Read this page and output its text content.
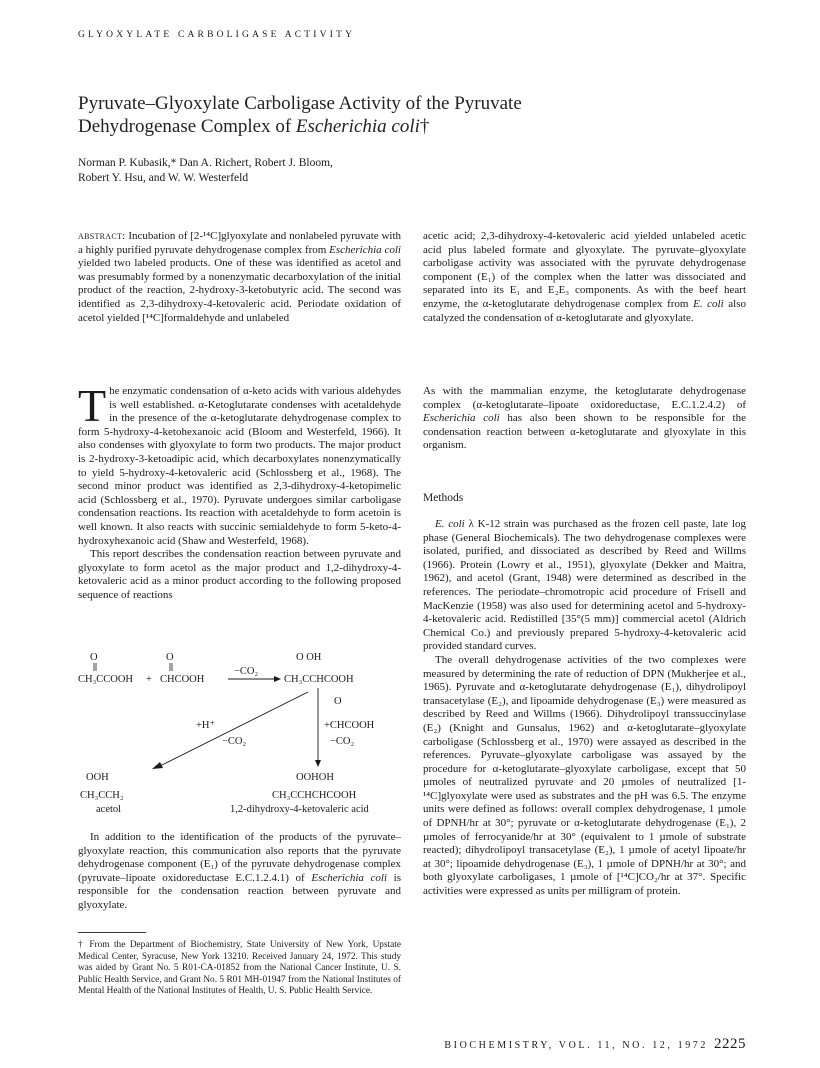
GLYOXYLATE CARBOLIGASE ACTIVITY
Pyruvate–Glyoxylate Carboligase Activity of the Pyruvate
Dehydrogenase Complex of Escherichia coli†
Norman P. Kubasik,* Dan A. Richert, Robert J. Bloom,
Robert Y. Hsu, and W. W. Westerfeld

abstract: Incubation of [2-¹⁴C]glyoxylate and nonlabeled pyruvate with a highly purified pyruvate dehydrogenase complex from Escherichia coli yielded two labeled products. One of these was identified as acetol and was presumably formed by a nonenzymatic decarboxylation of the initial product of the reaction, 2-hydroxy-3-ketobutyric acid. The second was identified as 2,3-dihydroxy-4-ketovaleric acid. Periodate oxidation of acetol yielded [¹⁴C]formaldehyde and unlabeled

acetic acid; 2,3-dihydroxy-4-ketovaleric acid yielded unlabeled acetic acid plus labeled formate and glyoxylate. The pyruvate–glyoxylate carboligase activity was associated with the pyruvate dehydrogenase component (E₁) of the complex when the latter was dissociated and separated into its E₁ and E₂E₃ components. As with the beef heart enzyme, the α-ketoglutarate dehydrogenase complex from E. coli also catalyzed the condensation of α-ketoglutarate and glyoxylate.

The enzymatic condensation of α-keto acids with various aldehydes is well established. α-Ketoglutarate condenses with acetaldehyde in the presence of the α-ketoglutarate dehydrogenase complex to form 5-hydroxy-4-ketohexanoic acid (Bloom and Westerfeld, 1966). It also condenses with glyoxylate to form two products. The major product is 2-hydroxy-3-ketoadipic acid, which decarboxylates nonenzymatically to yield 5-hydroxy-4-ketovaleric acid (Schlossberg et al., 1968). The second minor product was identified as 2,3-dihydroxy-4-ketopimelic acid (Schlossberg et al., 1970). Pyruvate undergoes similar carboligase condensation reactions. Its reaction with acetaldehyde to form acetoin is well known. It also reacts with succinic semialdehyde to form 5-keto-4-hydroxyhexanoic acid (Shaw and Westerfeld, 1968).

This report describes the condensation reaction between pyruvate and glyoxylate to form acetol as the major product and 1,2-dihydroxy-4-ketovaleric acid as a minor product according to the following proposed sequence of reactions

O
CH₃CCOOH +
O
CHCOOH
−CO₂
O OH
CH₃CCHCOOH
O
+CHCOOH
−CO₂
+H⁺
−CO₂
OOH
CH₃CCH₂
acetol
OOHOH
CH₃CCHCHCOOH
1,2-dihydroxy-4-ketovaleric acid

In addition to the identification of the products of the pyruvate–glyoxylate reaction, this communication also reports that the pyruvate dehydrogenase component (E₁) of the pyruvate dehydrogenase complex (pyruvate–lipoate oxidoreductase E.C.1.2.4.1) of Escherichia coli is responsible for the condensation reaction between pyruvate and glyoxylate.

† From the Department of Biochemistry, State University of New York, Upstate Medical Center, Syracuse, New York 13210. Received January 24, 1972. This study was aided by Grant No. 5 R01-CA-01852 from the National Cancer Institute, U. S. Public Health Service, and Grant No. 5 R01 MH-01947 from the National Institutes of Mental Health of the National Institutes of Health, U. S. Public Health Service.

As with the mammalian enzyme, the ketoglutarate dehydrogenase complex (α-ketoglutarate–lipoate oxidoreductase, E.C.1.2.4.2) of Escherichia coli has also been shown to be responsible for the condensation reaction between α-ketoglutarate and glyoxylate in this organism.

Methods

E. coli λ K-12 strain was purchased as the frozen cell paste, late log phase (General Biochemicals). The two dehydrogenase complexes were isolated, purified, and dissociated as described by Reed and Willms (1966). Protein (Lowry et al., 1951), glyoxylate (Dekker and Maitra, 1962), and acetol (Grant, 1948) were determined as described in the references. The periodate–chromotropic acid procedure of Frisell and MacKenzie (1958) was also used for determining acetol and 5-hydroxy-4-ketovaleric acid. Redistilled [35°(5 mm)] commercial acetol (Aldrich Chemical Co.) and previously prepared 5-hydroxy-4-ketovaleric acid provided standard curves.

The overall dehydrogenase activities of the two complexes were measured by determining the rate of reduction of DPN (Mukherjee et al., 1965). Pyruvate and α-ketoglutarate dehydrogenase (E₁), dihydrolipoyl transacetylase (E₂), and lipoamide dehydrogenase (E₃) were measured as described by Reed and Willms (1966). Dihydrolipoyl transsuccinylase (E₂) (Knight and Gunsalus, 1962) and α-ketoglutarate–glyoxylate carboligase (Schlossberg et al., 1970) were assayed as described in the references. Pyruvate–glyoxylate carboligase was assayed by the procedure for α-ketoglutarate–glyoxylate carboligase, except that 50 µmoles of neutralized pyruvate and 20 µmoles of neutralized [1-¹⁴C]glyoxylate were used as substrates and the pH was 6.5. The enzyme units were defined as follows: overall complex dehydrogenase, 1 µmole of DPNH/hr at 30°; pyruvate or α-ketoglutarate dehydrogenase (E₁), 2 µmoles of ferrocyanide/hr at 30° (equivalent to 1 µmole of substrate reacted); dihydrolipoyl transacetylase (E₂), 1 µmole of acetyl lipoate/hr at 30°; lipoamide dehydrogenase (E₃), 1 µmole of DPNH/hr at 30°; and both glyoxylate carboligases, 1 µmole of [¹⁴C]CO₂/hr at 37°. Specific activities were expressed as units per milligram of protein.

BIOCHEMISTRY, VOL. 11, NO. 12, 1972 2225
